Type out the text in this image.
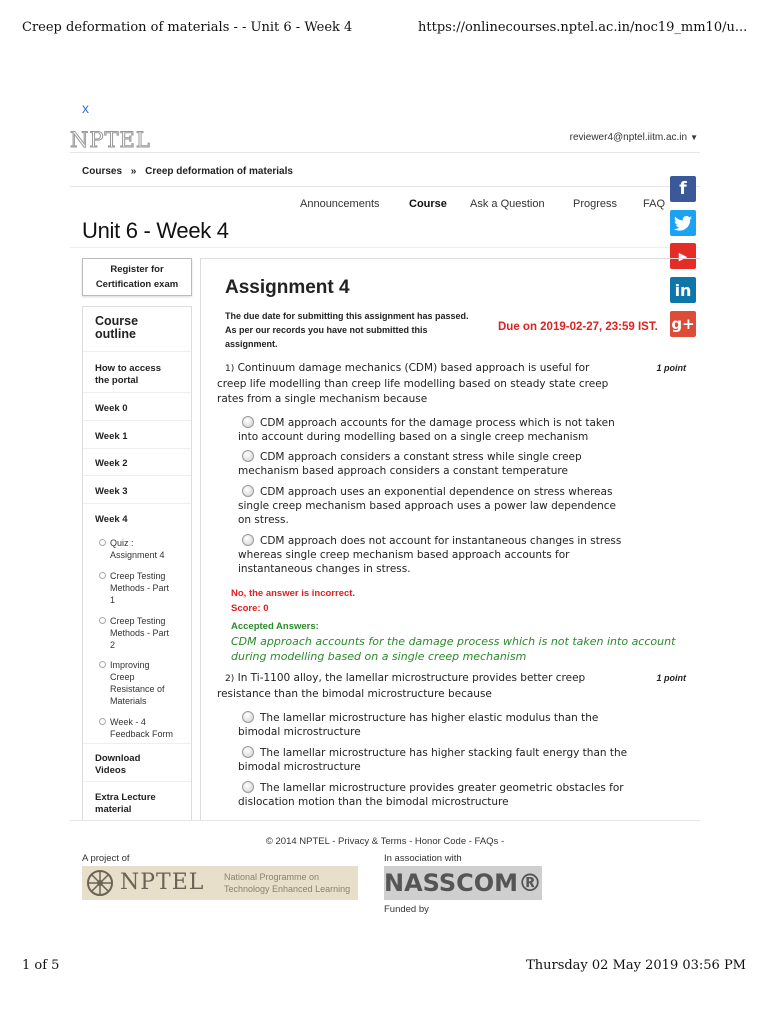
Creep deformation of materials - - Unit 6 - Week 4	https://onlinecourses.nptel.ac.in/noc19_mm10/u...
x
NPTEL	reviewer4@nptel.iitm.ac.in ▼
Courses » Creep deformation of materials
Announcements	Course Ask a Question	Progress FAQ
Unit 6 - Week 4
f
▶
in
g+
Register for
Certification exam
Course
outline
How to access
the portal
Week 0
Week 1
Week 2
Week 3
Week 4
Quiz :
Assignment 4
Creep Testing
Methods - Part
1
Creep Testing
Methods - Part
2
Improving
Creep
Resistance of
Materials
Week - 4
Feedback Form
Download
Videos
Extra Lecture
material
Assignment 4
The due date for submitting this assignment has passed.
As per our records you have not submitted this
assignment.
Due on 2019-02-27, 23:59 IST.
1) Continuum damage mechanics (CDM) based approach is useful for
creep life modelling than creep life modelling based on steady state creep
rates from a single mechanism because
1 point
CDM approach accounts for the damage process which is not taken
into account during modelling based on a single creep mechanism
CDM approach considers a constant stress while single creep
mechanism based approach considers a constant temperature
CDM approach uses an exponential dependence on stress whereas
single creep mechanism based approach uses a power law dependence
on stress.
CDM approach does not account for instantaneous changes in stress
whereas single creep mechanism based approach accounts for
instantaneous changes in stress.
No, the answer is incorrect.
Score: 0
Accepted Answers:
CDM approach accounts for the damage process which is not taken into account
during modelling based on a single creep mechanism
2) In Ti-1100 alloy, the lamellar microstructure provides better creep
resistance than the bimodal microstructure because
1 point
The lamellar microstructure has higher elastic modulus than the
bimodal microstructure
The lamellar microstructure has higher stacking fault energy than the
bimodal microstructure
The lamellar microstructure provides greater geometric obstacles for
dislocation motion than the bimodal microstructure
© 2014 NPTEL - Privacy & Terms - Honor Code - FAQs -
A project of	In association with
NPTEL National Programme on
Technology Enhanced Learning	NASSCOM®
Funded by
1 of 5	Thursday 02 May 2019 03:56 PM
